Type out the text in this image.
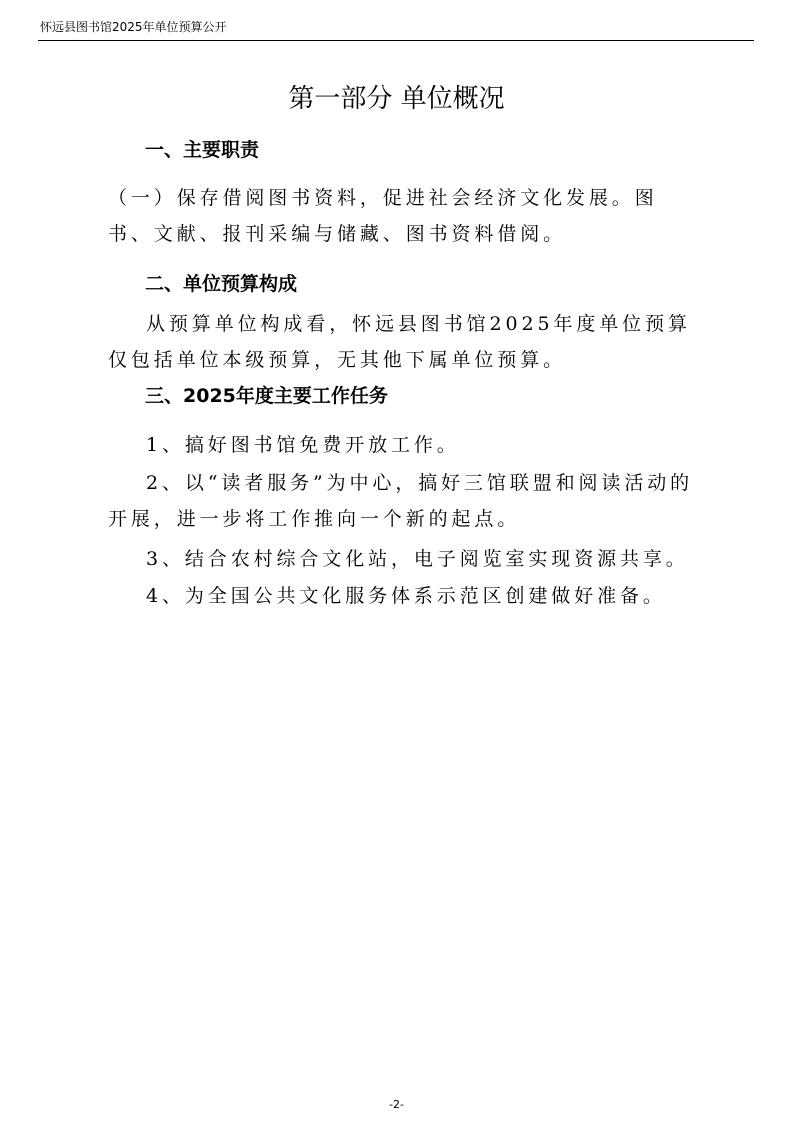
怀远县图书馆2025年单位预算公开
第一部分 单位概况
一、主要职责

（一）保存借阅图书资料，促进社会经济文化发展。图书、文献、报刊采编与储藏、图书资料借阅。

二、单位预算构成

从预算单位构成看，怀远县图书馆2025年度单位预算仅包括单位本级预算，无其他下属单位预算。

三、2025年度主要工作任务

1、搞好图书馆免费开放工作。

2、以“读者服务”为中心，搞好三馆联盟和阅读活动的开展，进一步将工作推向一个新的起点。

3、结合农村综合文化站，电子阅览室实现资源共享。

4、为全国公共文化服务体系示范区创建做好准备。

-2-
